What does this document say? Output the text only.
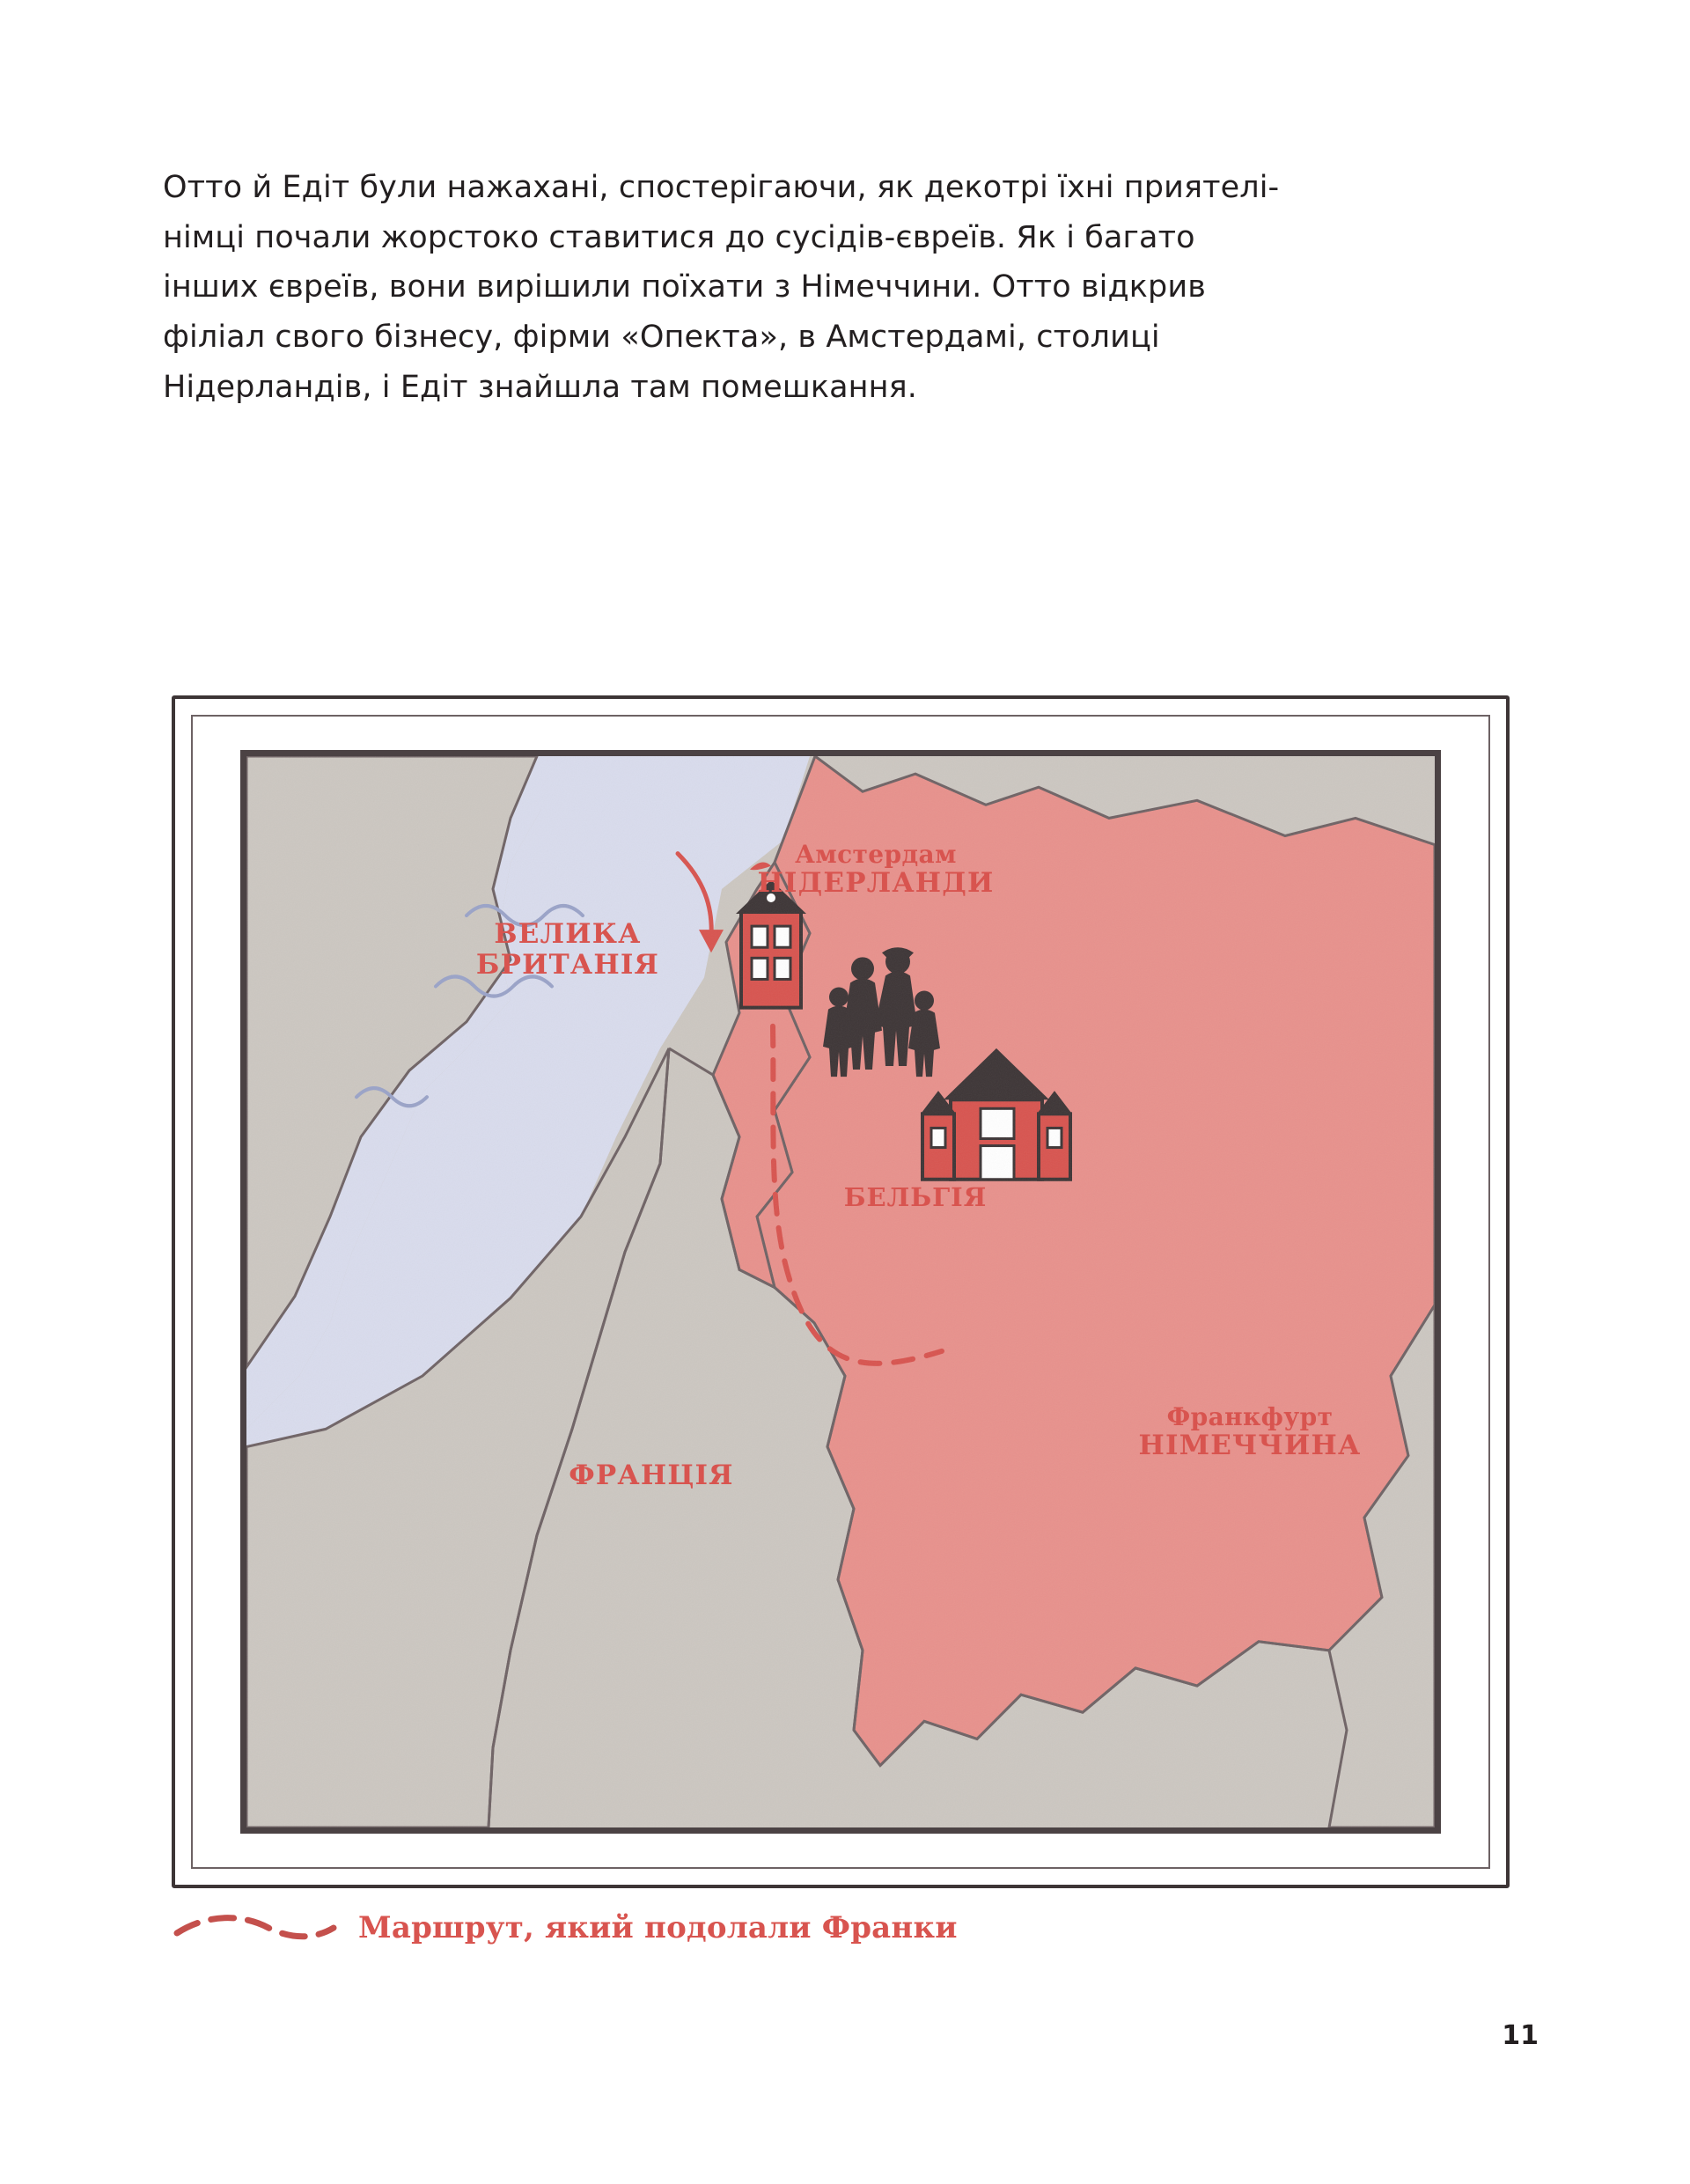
Отто й Едіт були нажахані, спостерігаючи, як декотрі їхні приятелі-німці почали жорстоко ставитися до сусідів-євреїв. Як і багато інших євреїв, вони вирішили поїхати з Німеччини. Отто відкрив філіал свого бізнесу, фірми «Опекта», в Амстердамі, столиці Нідерландів, і Едіт знайшла там помешкання.

ВЕЛИКА
БРИТАНІЯ
Амстердам
НІДЕРЛАНДИ
БЕЛЬГІЯ
ФРАНЦІЯ
Франкфурт
НІМЕЧЧИНА
Маршрут, який подолали Франки
11
